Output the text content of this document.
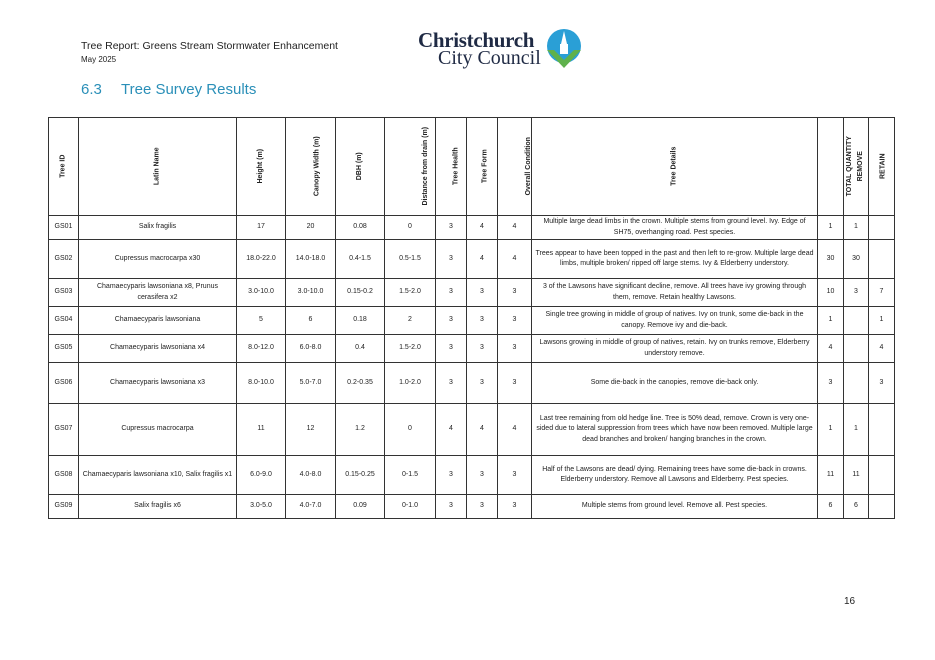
Tree Report: Greens Stream Stormwater Enhancement
May 2025
Christchurch
City Council
6.3 Tree Survey Results
Tree ID	Latin Name	Height (m)	Canopy Width (m)	DBH (m)	Distance from drain (m)	Tree Health	Tree Form	Overall Condition	Tree Details	TOTAL QUANTITY	REMOVE	RETAIN
GS01	Salix fragilis	17	20	0.08	0	3	4	4	Multiple large dead limbs in the crown. Multiple stems from ground level. Ivy. Edge of SH75, overhanging road. Pest species.	1	1	
GS02	Cupressus macrocarpa x30	18.0-22.0	14.0-18.0	0.4-1.5	0.5-1.5	3	4	4	Trees appear to have been topped in the past and then left to re-grow. Multiple large dead limbs, multiple broken/ ripped off large stems. Ivy & Elderberry understory.	30	30	
GS03	Chamaecyparis lawsoniana x8, Prunus cerasifera x2	3.0-10.0	3.0-10.0	0.15-0.2	1.5-2.0	3	3	3	3 of the Lawsons have significant decline, remove. All trees have ivy growing through them, remove. Retain healthy Lawsons.	10	3	7
GS04	Chamaecyparis lawsoniana	5	6	0.18	2	3	3	3	Single tree growing in middle of group of natives. Ivy on trunk, some die-back in the canopy. Remove ivy and die-back.	1		1
GS05	Chamaecyparis lawsoniana x4	8.0-12.0	6.0-8.0	0.4	1.5-2.0	3	3	3	Lawsons growing in middle of group of natives, retain. Ivy on trunks remove, Elderberry understory remove.	4		4
GS06	Chamaecyparis lawsoniana x3	8.0-10.0	5.0-7.0	0.2-0.35	1.0-2.0	3	3	3	Some die-back in the canopies, remove die-back only.	3		3
GS07	Cupressus macrocarpa	11	12	1.2	0	4	4	4	Last tree remaining from old hedge line. Tree is 50% dead, remove. Crown is very one-sided due to lateral suppression from trees which have now been removed. Multiple large dead branches and broken/ hanging branches in the crown.	1	1	
GS08	Chamaecyparis lawsoniana x10, Salix fragilis x1	6.0-9.0	4.0-8.0	0.15-0.25	0-1.5	3	3	3	Half of the Lawsons are dead/ dying. Remaining trees have some die-back in crowns. Elderberry understory. Remove all Lawsons and Elderberry. Pest species.	11	11	
GS09	Salix fragilis x6	3.0-5.0	4.0-7.0	0.09	0-1.0	3	3	3	Multiple stems from ground level. Remove all. Pest species.	6	6	
16
